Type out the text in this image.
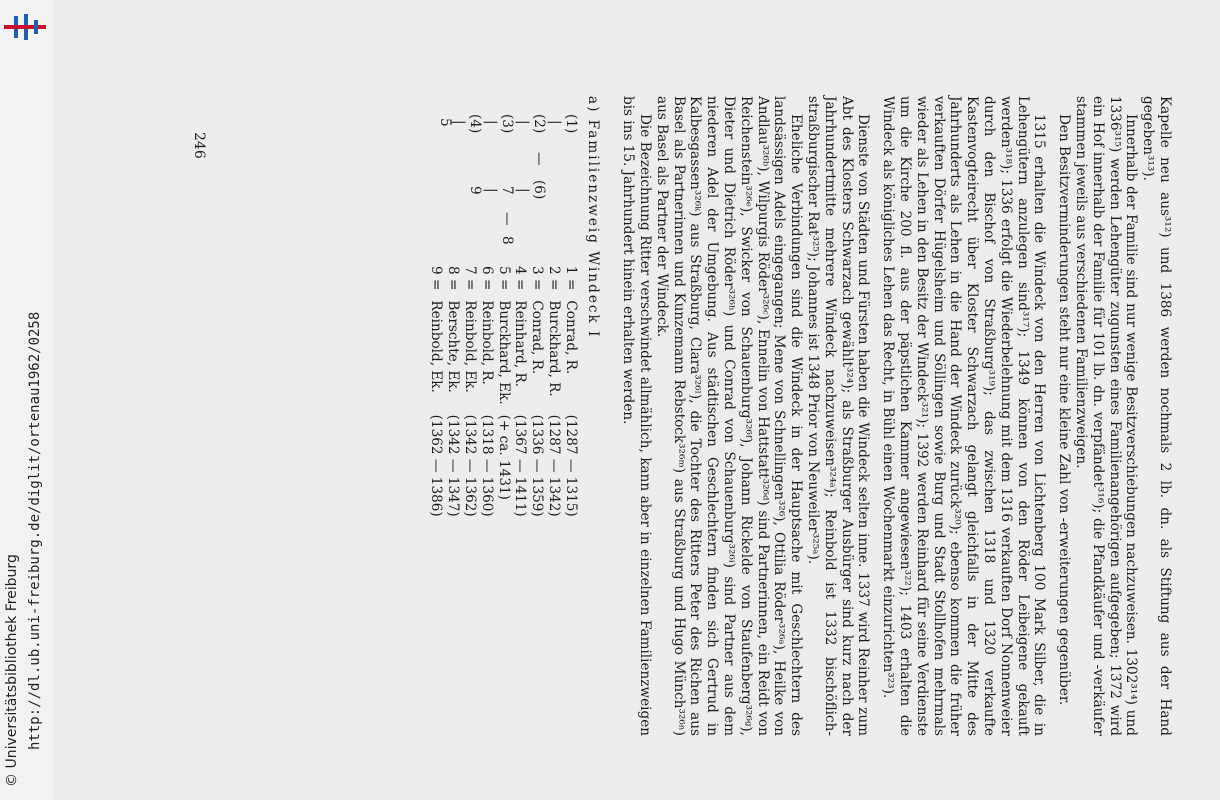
http://dl.ub.uni-freiburg.de/diglit/ortenau1962/0258
© Universitätsbibliothek Freiburg	Kapelle neu aus³¹²) und 1386 werden nochmals 2 lb. dn. als Stiftung aus der Hand gegeben³¹³).

Innerhalb der Familie sind nur wenige Besitzverschiebungen nachzuweisen. 1302³¹⁴) und 1336³¹⁵) werden Lehengüter zugunsten eines Familienangehörigen aufgegeben; 1372 wird ein Hof innerhalb der Familie für 101 lb. dn. verpfändet³¹⁶); die Pfandkäufer und -verkäufer stammen jeweils aus verschiedenen Familienzweigen.

Den Besitzverminderungen steht nur eine kleine Zahl von -erweiterungen gegenüber.

1315 erhalten die Windeck von den Herren von Lichtenberg 100 Mark Silber, die in Lehengütern anzulegen sind³¹⁷); 1349 können von den Röder Leibeigene gekauft werden³¹⁸); 1336 erfolgt die Wiederbelehnung mit dem 1316 verkauften Dorf Nonnenweier durch den Bischof von Straßburg³¹⁹); das zwischen 1318 und 1320 verkaufte Kastenvogteirecht über Kloster Schwarzach gelangt gleichfalls in der Mitte des Jahrhunderts als Lehen in die Hand der Windeck zurück³²⁰); ebenso kommen die früher verkauften Dörfer Hügelsheim und Söllingen sowie Burg und Stadt Stollhofen mehrmals wieder als Lehen in den Besitz der Windeck³²¹); 1392 werden Reinhard für seine Verdienste um die Kirche 200 fl. aus der päpstlichen Kammer angewiesen³²²); 1403 erhalten die Windeck als königliches Lehen das Recht, in Bühl einen Wochenmarkt einzurichten³²³).

Dienste von Städten und Fürsten haben die Windeck selten inne. 1337 wird Reinher zum Abt des Klosters Schwarzach gewählt³²⁴); als Straßburger Ausbürger sind kurz nach der Jahrhundertmitte mehrere Windeck nachzuweisen³²⁴ᵃ); Reinbold ist 1332 bischöflich-straßburgischer Rat³²⁵); Johannes ist 1348 Prior von Neuweiler³²⁵ᵃ).

Eheliche Verbindungen sind die Windeck in der Hauptsache mit Geschlechtern des landsässigen Adels eingegangen; Mene von Schnellingen³²⁶), Ottilia Röder³²⁶ᵃ), Heilke von Andlau³²⁶ᵇ), Wilpurgis Röder³²⁶ᶜ), Ennelin von Hattstatt³²⁶ᵈ) sind Partnerinnen, ein Reidt von Reichenstein³²⁶ᵉ), Swicker von Schauenburg³²⁶ᶠ), Johann Rickelde von Staufenberg³²⁶ᵍ), Dieter und Dietrich Röder³²⁶ʰ) und Conrad von Schauenburg³²⁶ⁱ) sind Partner aus dem niederen Adel der Umgebung. Aus städtischen Geschlechtern finden sich Gertrud in Kalbesgassen³²⁶ᵏ) aus Straßburg, Clara³²⁶ˡ), die Tochter des Ritters Peter des Richen aus Basel als Partnerinnen und Kunzemann Rebstock³²⁶ᵐ) aus Straßburg und Hugo Münch³²⁶ⁿ) aus Basel als Partner der Windeck.

Die Bezeichnung Ritter verschwindet allmählich, kann aber in einzelnen Familienzweigen bis ins 15. Jahrhundert hinein erhalten werden.

a) Familienzweig Windeck I

(1)
|
(2)
—
(6)
|
|
(3)
7
—
8
|
|
(4)
9
|
5
1 =	Conrad, R.	(1287 — 1315)
2 =	Burckhard, R.	(1287 — 1342)
3 =	Conrad, R.	(1336 — 1359)
4 =	Reinhard, R.	(1367 — 1411)
5 =	Burckhard, Ek.	(+ ca. 1431)
6 =	Reinbold, R.	(1318 — 1360)
7 =	Reinbold, Ek.	(1342 — 1362)
8 =	Berschte, Ek.	(1342 — 1347)
9 =	Reinbold, Ek.	(1362 — 1386)
246
